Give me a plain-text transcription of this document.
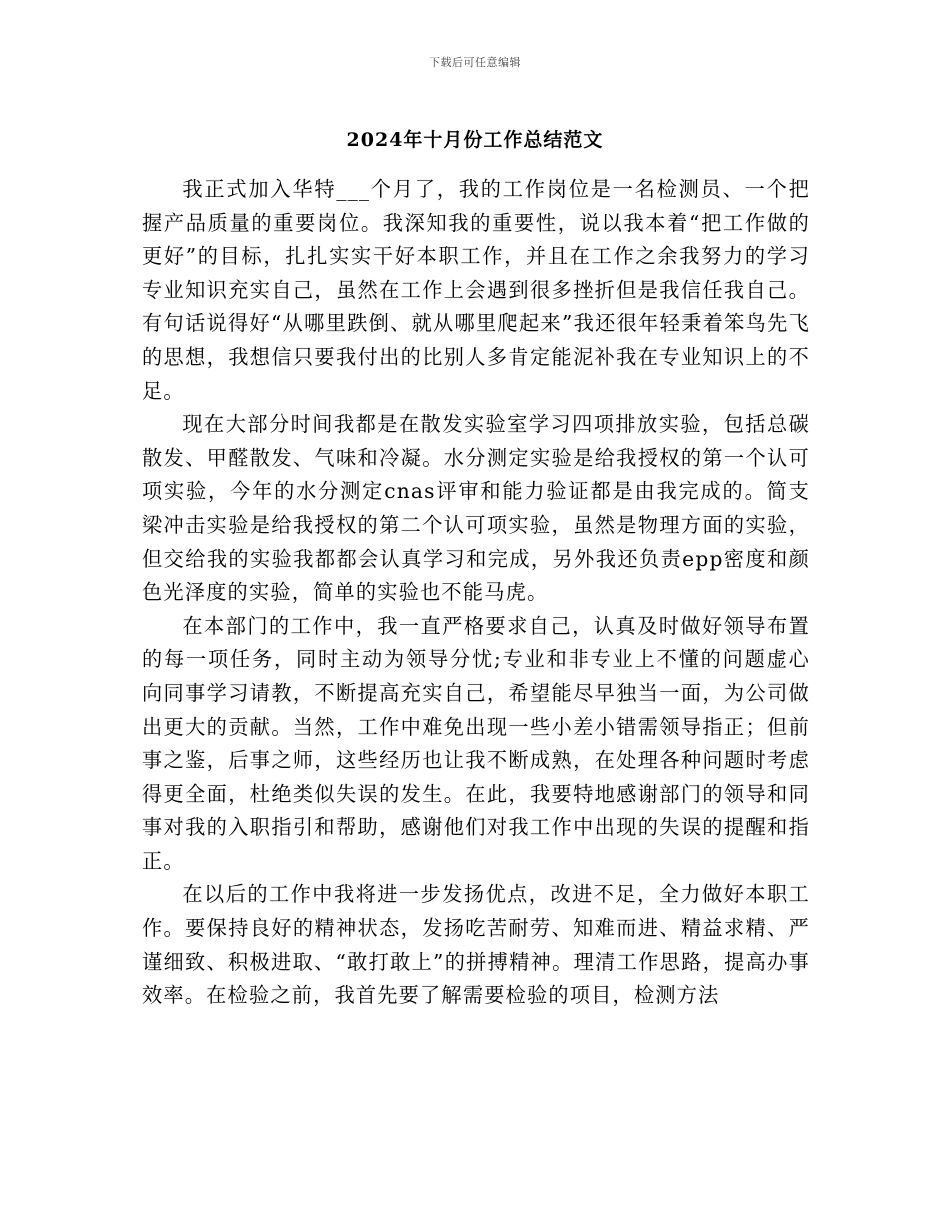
下载后可任意编辑
2024年十月份工作总结范文

我正式加入华特___个月了，我的工作岗位是一名检测员、一个把握产品质量的重要岗位。我深知我的重要性，说以我本着“把工作做的更好”的目标，扎扎实实干好本职工作，并且在工作之余我努力的学习专业知识充实自己，虽然在工作上会遇到很多挫折但是我信任我自己。有句话说得好“从哪里跌倒、就从哪里爬起来”我还很年轻秉着笨鸟先飞的思想，我想信只要我付出的比别人多肯定能泥补我在专业知识上的不足。

现在大部分时间我都是在散发实验室学习四项排放实验，包括总碳散发、甲醛散发、气味和冷凝。水分测定实验是给我授权的第一个认可项实验，今年的水分测定cnas评审和能力验证都是由我完成的。简支梁冲击实验是给我授权的第二个认可项实验，虽然是物理方面的实验，但交给我的实验我都都会认真学习和完成，另外我还负责epp密度和颜色光泽度的实验，简单的实验也不能马虎。

在本部门的工作中，我一直严格要求自己，认真及时做好领导布置的每一项任务，同时主动为领导分忧;专业和非专业上不懂的问题虚心向同事学习请教，不断提高充实自己，希望能尽早独当一面，为公司做出更大的贡献。当然，工作中难免出现一些小差小错需领导指正；但前事之鉴，后事之师，这些经历也让我不断成熟，在处理各种问题时考虑得更全面，杜绝类似失误的发生。在此，我要特地感谢部门的领导和同事对我的入职指引和帮助，感谢他们对我工作中出现的失误的提醒和指正。

在以后的工作中我将进一步发扬优点，改进不足，全力做好本职工作。要保持良好的精神状态，发扬吃苦耐劳、知难而进、精益求精、严谨细致、积极进取、“敢打敢上”的拼搏精神。理清工作思路，提高办事效率。在检验之前，我首先要了解需要检验的项目，检测方法
